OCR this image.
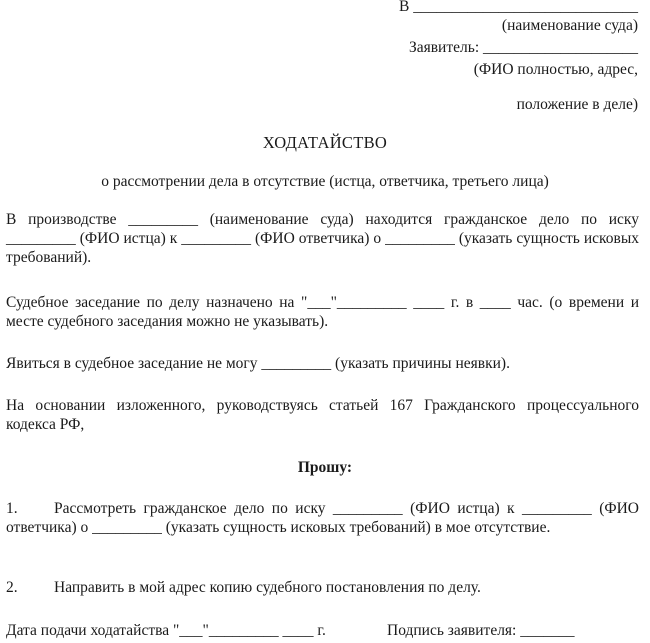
В _____________________________
(наименование суда)
Заявитель: ____________________
(ФИО полностью, адрес,
положение в деле)
ХОДАТАЙСТВО
о рассмотрении дела в отсутствие (истца, ответчика, третьего лица)
В производстве _________ (наименование суда) находится гражданское дело по иску _________ (ФИО истца) к _________ (ФИО ответчика) о _________ (указать сущность исковых требований).
Судебное заседание по делу назначено на "___"_________ ____ г. в ____ час. (о времени и месте судебного заседания можно не указывать).
Явиться в судебное заседание не могу _________ (указать причины неявки).
На основании изложенного, руководствуясь статьей 167 Гражданского процессуального кодекса РФ,
Прошу:
1. Рассмотреть гражданское дело по иску _________ (ФИО истца) к _________ (ФИО ответчика) о _________ (указать сущность исковых требований) в мое отсутствие.
2. Направить в мой адрес копию судебного постановления по делу.
Дата подачи ходатайства "___"_________ ____ г.	Подпись заявителя: _______
